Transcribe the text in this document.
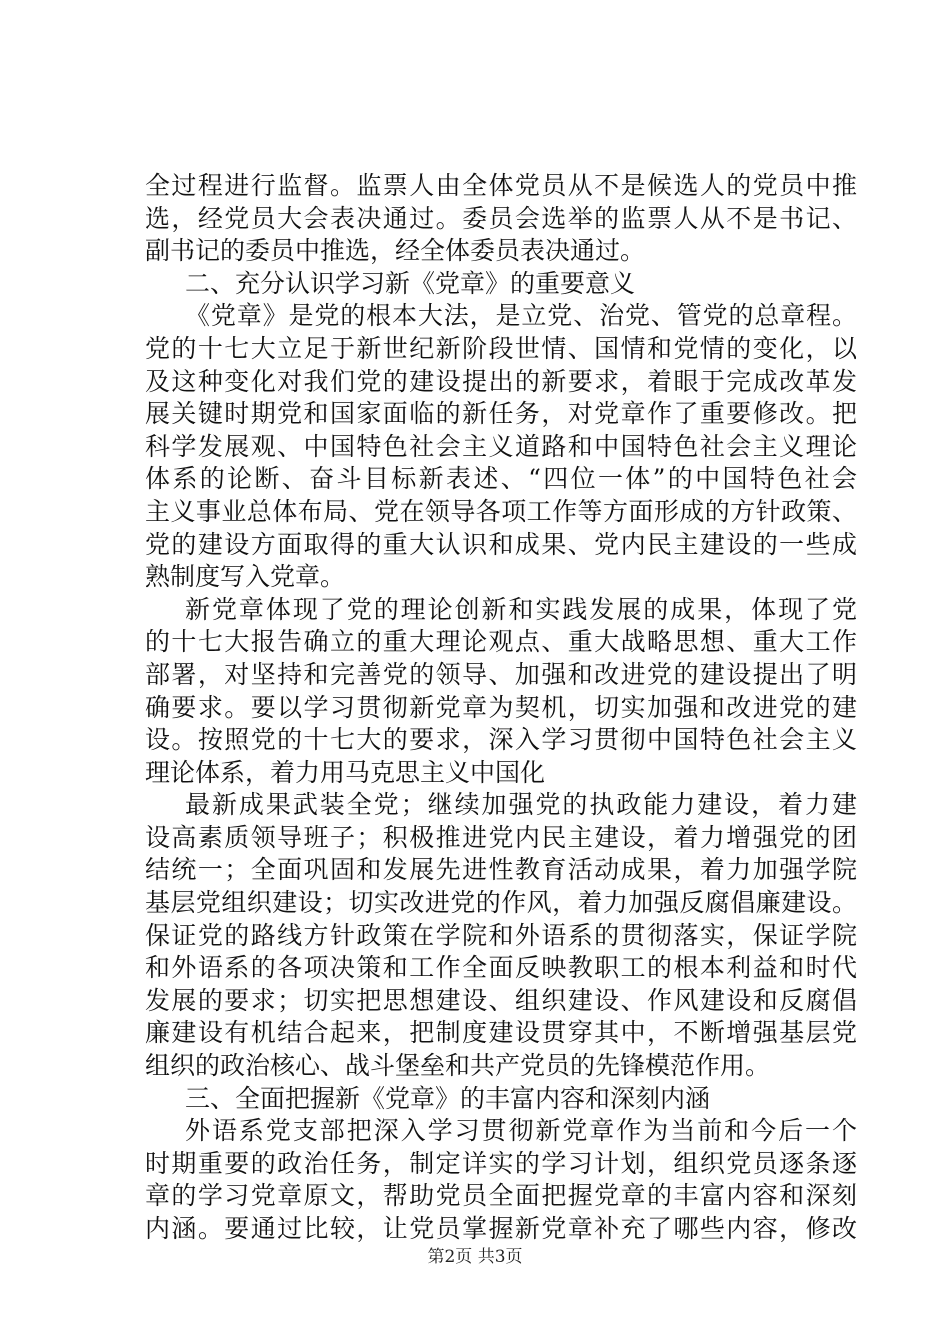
全过程进行监督。监票人由全体党员从不是候选人的党员中推
选，经党员大会表决通过。委员会选举的监票人从不是书记、
副书记的委员中推选，经全体委员表决通过。
二、充分认识学习新《党章》的重要意义
《党章》是党的根本大法，是立党、治党、管党的总章程。
党的十七大立足于新世纪新阶段世情、国情和党情的变化，以
及这种变化对我们党的建设提出的新要求，着眼于完成改革发
展关键时期党和国家面临的新任务，对党章作了重要修改。把
科学发展观、中国特色社会主义道路和中国特色社会主义理论
体系的论断、奋斗目标新表述、“四位一体”的中国特色社会
主义事业总体布局、党在领导各项工作等方面形成的方针政策、
党的建设方面取得的重大认识和成果、党内民主建设的一些成
熟制度写入党章。
新党章体现了党的理论创新和实践发展的成果，体现了党
的十七大报告确立的重大理论观点、重大战略思想、重大工作
部署，对坚持和完善党的领导、加强和改进党的建设提出了明
确要求。要以学习贯彻新党章为契机，切实加强和改进党的建
设。按照党的十七大的要求，深入学习贯彻中国特色社会主义
理论体系，着力用马克思主义中国化
最新成果武装全党；继续加强党的执政能力建设，着力建
设高素质领导班子；积极推进党内民主建设，着力增强党的团
结统一；全面巩固和发展先进性教育活动成果，着力加强学院
基层党组织建设；切实改进党的作风，着力加强反腐倡廉建设。
保证党的路线方针政策在学院和外语系的贯彻落实，保证学院
和外语系的各项决策和工作全面反映教职工的根本利益和时代
发展的要求；切实把思想建设、组织建设、作风建设和反腐倡
廉建设有机结合起来，把制度建设贯穿其中，不断增强基层党
组织的政治核心、战斗堡垒和共产党员的先锋模范作用。
三、全面把握新《党章》的丰富内容和深刻内涵
外语系党支部把深入学习贯彻新党章作为当前和今后一个
时期重要的政治任务，制定详实的学习计划，组织党员逐条逐
章的学习党章原文，帮助党员全面把握党章的丰富内容和深刻
内涵。要通过比较，让党员掌握新党章补充了哪些内容，修改
第2页 共3页
